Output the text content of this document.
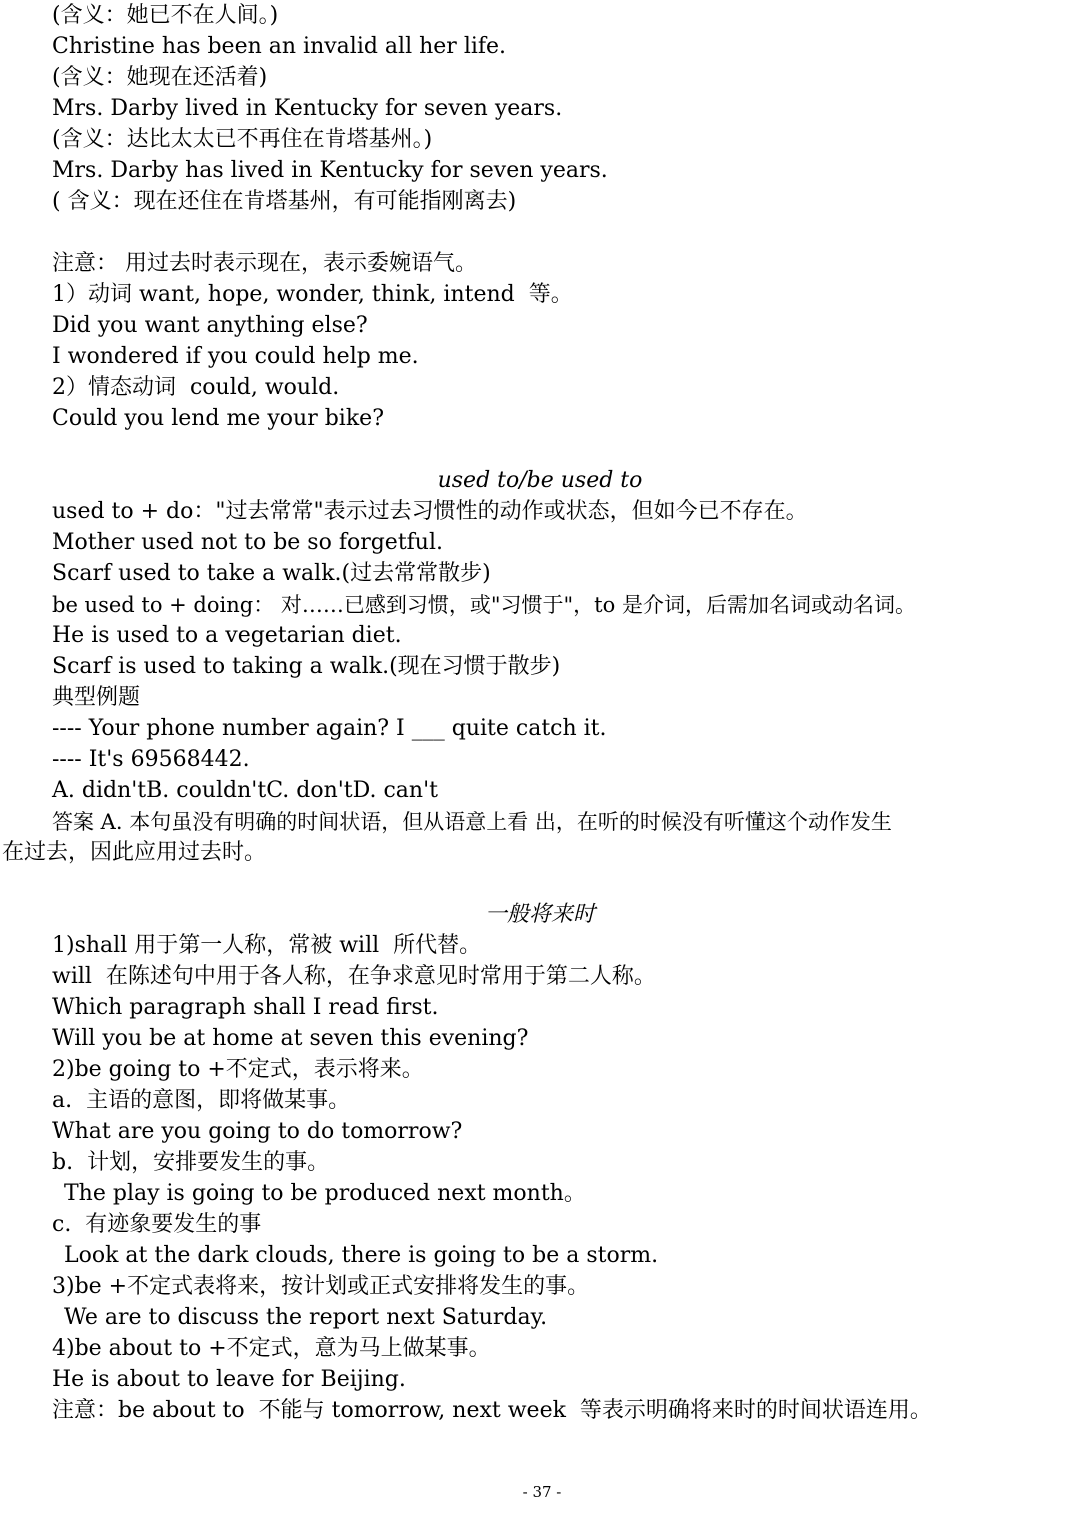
(含义：她已不在人间。)
Christine has been an invalid all her life.
(含义：她现在还活着)
Mrs. Darby lived in Kentucky for seven years.
(含义：达比太太已不再住在肯塔基州。)
Mrs. Darby has lived in Kentucky for seven years.
( 含义：现在还住在肯塔基州，有可能指刚离去)
注意： 用过去时表示现在，表示委婉语气。
1）动词 want, hope, wonder, think, intend  等。
Did you want anything else?
I wondered if you could help me.
2）情态动词  could, would.
Could you lend me your bike?
used to/be used to
used to + do："过去常常"表示过去习惯性的动作或状态，但如今已不存在。
Mother used not to be so forgetful.
Scarf used to take a walk.(过去常常散步)
be used to + doing： 对……已感到习惯，或"习惯于"，to 是介词，后需加名词或动名词。
He is used to a vegetarian diet.
Scarf is used to taking a walk.(现在习惯于散步)
典型例题
---- Your phone number again? I ___ quite catch it.
---- It's 69568442.
A. didn'tB. couldn'tC. don'tD. can't
答案 A. 本句虽没有明确的时间状语，但从语意上看 出，在听的时候没有听懂这个动作发生
在过去，因此应用过去时。
一般将来时
1)shall 用于第一人称，常被 will  所代替。
will  在陈述句中用于各人称，在争求意见时常用于第二人称。
Which paragraph shall I read first.
Will you be at home at seven this evening?
2)be going to +不定式，表示将来。
a.  主语的意图，即将做某事。
What are you going to do tomorrow?
b.  计划，安排要发生的事。
The play is going to be produced next month。
c.  有迹象要发生的事
Look at the dark clouds, there is going to be a storm.
3)be +不定式表将来，按计划或正式安排将发生的事。
We are to discuss the report next Saturday.
4)be about to +不定式，意为马上做某事。
He is about to leave for Beijing.
注意：be about to  不能与 tomorrow, next week  等表示明确将来时的时间状语连用。
- 37 -
